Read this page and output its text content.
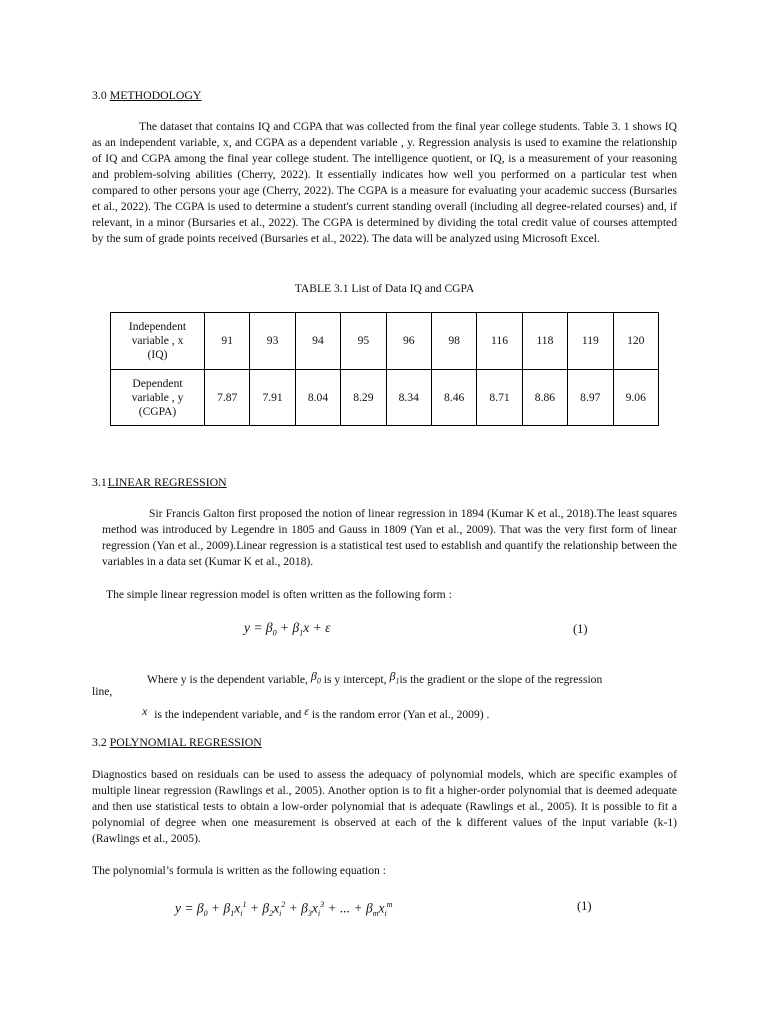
3.0 METHODOLOGY
The dataset that contains IQ and CGPA that was collected from the final year college students. Table 3. 1 shows IQ as an independent variable, x, and CGPA as a dependent variable , y. Regression analysis is used to examine the relationship of IQ and CGPA among the final year college student. The intelligence quotient, or IQ, is a measurement of your reasoning and problem-solving abilities (Cherry, 2022). It essentially indicates how well you performed on a particular test when compared to other persons your age (Cherry, 2022). The CGPA is a measure for evaluating your academic success (Bursaries et al., 2022). The CGPA is used to determine a student's current standing overall (including all degree-related courses) and, if relevant, in a minor (Bursaries et al., 2022). The CGPA is determined by dividing the total credit value of courses attempted by the sum of grade points received (Bursaries et al., 2022). The data will be analyzed using Microsoft Excel.
TABLE 3.1 List of Data IQ and CGPA
Independent
variable , x
(IQ)	91	93	94	95	96	98	116	118	119	120
Dependent
variable , y
(CGPA)	7.87	7.91	8.04	8.29	8.34	8.46	8.71	8.86	8.97	9.06
3.1LINEAR REGRESSION
Sir Francis Galton first proposed the notion of linear regression in 1894 (Kumar K et al., 2018).The least squares method was introduced by Legendre in 1805 and Gauss in 1809 (Yan et al., 2009). That was the very first form of linear regression (Yan et al., 2009).Linear regression is a statistical test used to establish and quantify the relationship between the variables in a data set (Kumar K et al., 2018).
The simple linear regression model is often written as the following form :
$y = \beta_0 + \beta_1x + \varepsilon$	(1)
Where y is the dependent variable, $\beta_0$ is y intercept, $\beta_1is$ the gradient or the slope of the regression
line,
x is the independent variable, and ε is the random error (Yan et al., 2009) .
3.2 POLYNOMIAL REGRESSION
Diagnostics based on residuals can be used to assess the adequacy of polynomial models, which are specific examples of multiple linear regression (Rawlings et al., 2005). Another option is to fit a higher-order polynomial that is deemed adequate and then use statistical tests to obtain a low-order polynomial that is adequate (Rawlings et al., 2005). It is possible to fit a polynomial of degree when one measurement is observed at each of the k different values of the input variable (k-1) (Rawlings et al., 2005).
The polynomial’s formula is written as the following equation :
$y = \beta_0 + \beta_1x_i^1 + \beta_2x_i^2 + \beta_3x_i^3$ + ... + $\beta_mx_i^m$	(1)
